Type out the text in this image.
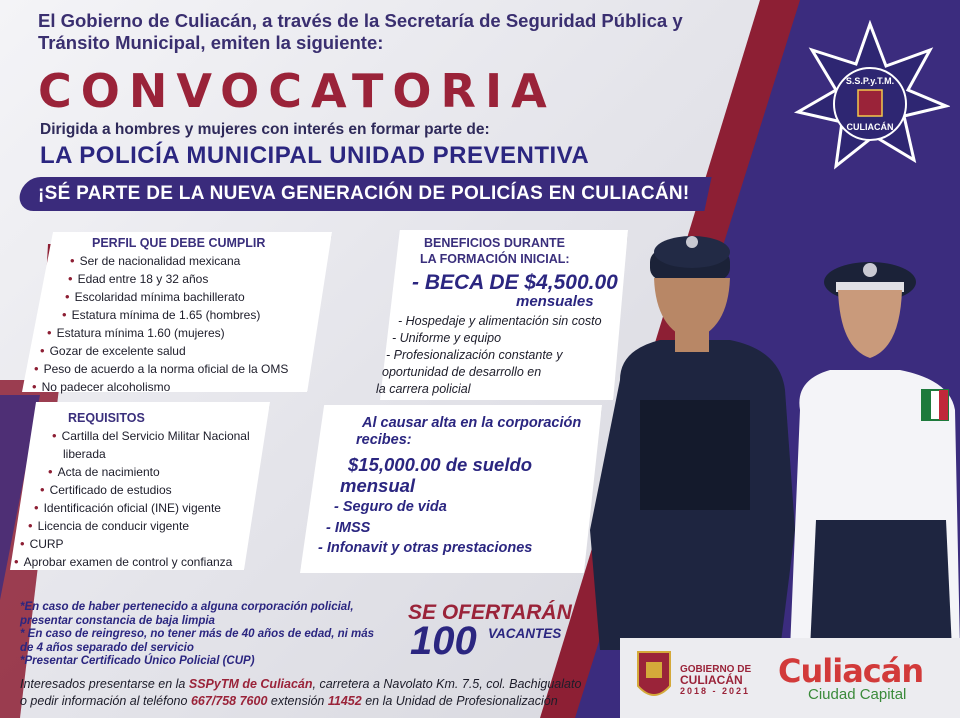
El Gobierno de Culiacán, a través de la Secretaría de Seguridad Pública y Tránsito Municipal, emiten la siguiente:
CONVOCATORIA
Dirigida a hombres y mujeres con interés en formar parte de:
LA POLICÍA MUNICIPAL UNIDAD PREVENTIVA
¡SÉ PARTE DE LA NUEVA GENERACIÓN DE POLICÍAS EN CULIACÁN!
S.S.P.y.T.M.
CULIACÁN
PERFIL QUE DEBE CUMPLIR
• Ser de nacionalidad mexicana
• Edad entre 18 y 32 años
• Escolaridad mínima bachillerato
• Estatura mínima de 1.65 (hombres)
• Estatura mínima 1.60 (mujeres)
• Gozar de excelente salud
• Peso de acuerdo a la norma oficial de la OMS
• No padecer alcoholismo
REQUISITOS
• Cartilla del Servicio Militar Nacional
liberada
• Acta de nacimiento
• Certificado de estudios
• Identificación oficial (INE) vigente
• Licencia de conducir vigente
• CURP
• Aprobar examen de control y confianza
BENEFICIOS DURANTE
LA FORMACIÓN INICIAL:
- BECA DE $4,500.00
mensuales
- Hospedaje y alimentación sin costo
- Uniforme y equipo
- Profesionalización constante y
oportunidad de desarrollo en
la carrera policial
Al causar alta en la corporación
recibes:
$15,000.00 de sueldo
mensual
- Seguro de vida
- IMSS
- Infonavit y otras prestaciones
*En caso de haber pertenecido a alguna corporación policial,
presentar constancia de baja limpia
* En caso de reingreso, no tener más de 40 años de edad, ni más
de 4 años separado del servicio
*Presentar Certificado Único Policial (CUP)
SE OFERTARÁN
100 VACANTES
Interesados presentarse en la SSPyTM de Culiacán, carretera a Navolato Km. 7.5, col. Bachigualato
o pedir información al teléfono 667/758 7600 extensión 11452 en la Unidad de Profesionalización
GOBIERNO DE
CULIACÁN
2018 - 2021
Culiacán
Ciudad Capital
